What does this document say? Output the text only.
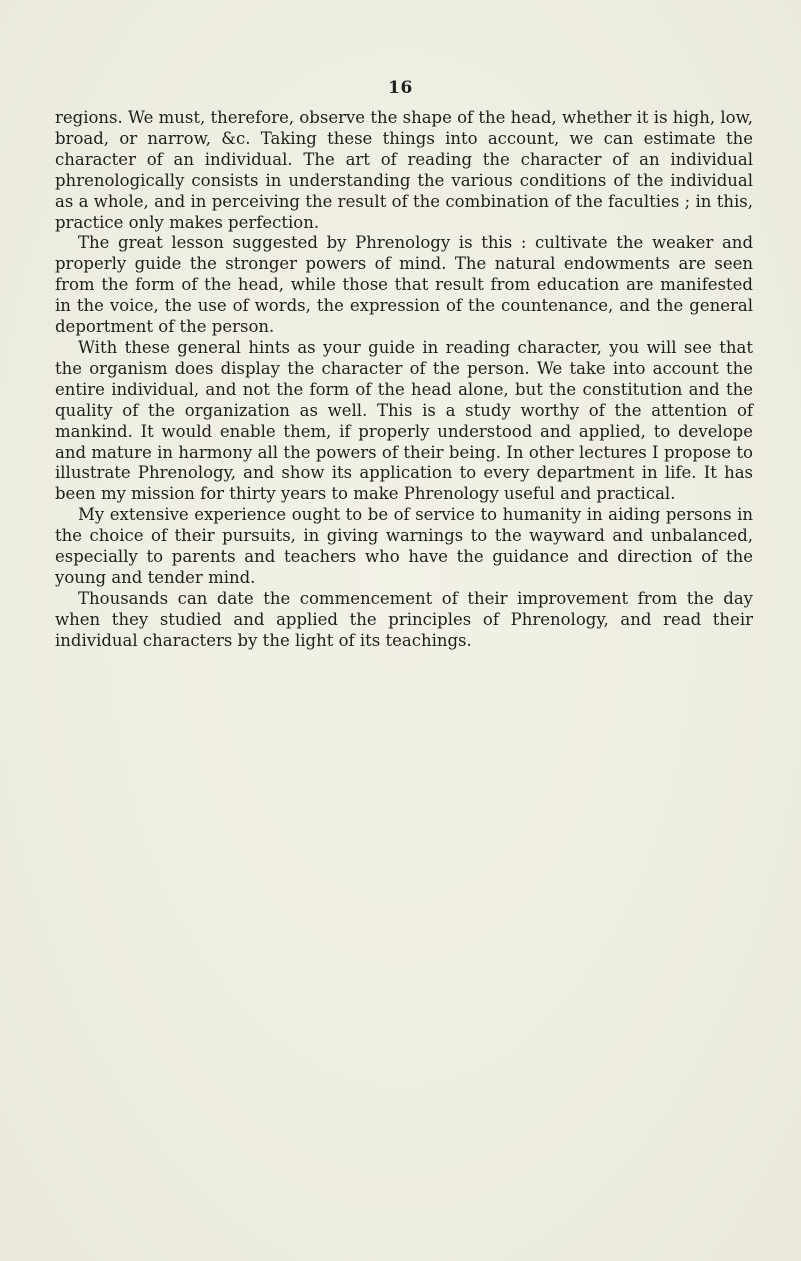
16

regions. We must, therefore, observe the shape of the head, whether it is high, low, broad, or narrow, &c. Taking these things into account, we can estimate the character of an individual. The art of reading the character of an individual phrenologically consists in understanding the various conditions of the individual as a whole, and in perceiving the result of the combination of the faculties ; in this, practice only makes perfection.

The great lesson suggested by Phrenology is this : cultivate the weaker and properly guide the stronger powers of mind. The natural endowments are seen from the form of the head, while those that result from education are manifested in the voice, the use of words, the expression of the countenance, and the general deportment of the person.

With these general hints as your guide in reading character, you will see that the organism does display the character of the person. We take into account the entire individual, and not the form of the head alone, but the constitution and the quality of the organization as well. This is a study worthy of the attention of mankind. It would enable them, if properly understood and applied, to develope and mature in harmony all the powers of their being. In other lectures I propose to illustrate Phrenology, and show its application to every department in life. It has been my mission for thirty years to make Phrenology useful and practical.

My extensive experience ought to be of service to humanity in aiding persons in the choice of their pursuits, in giving warnings to the wayward and unbalanced, especially to parents and teachers who have the guidance and direction of the young and tender mind.

Thousands can date the commencement of their improvement from the day when they studied and applied the principles of Phrenology, and read their individual characters by the light of its teachings.
